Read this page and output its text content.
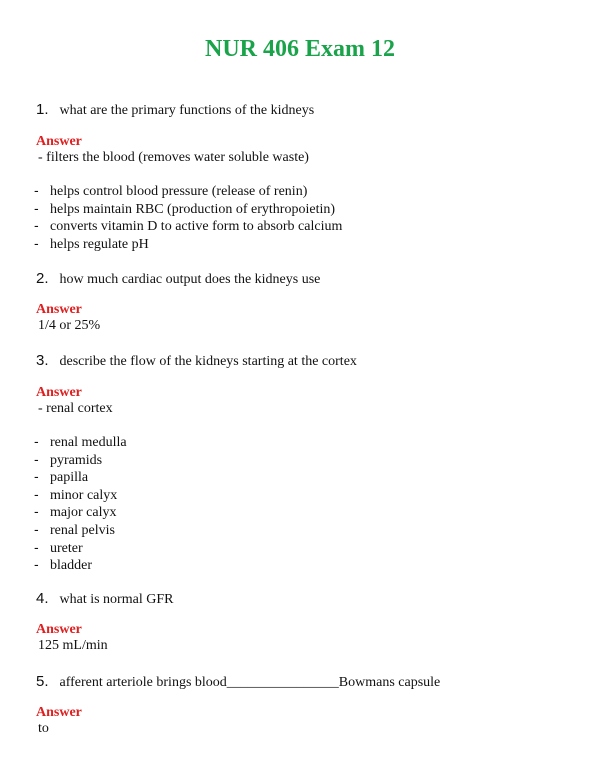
NUR 406 Exam 12
1. what are the primary functions of the kidneys
Answer
- filters the blood (removes water soluble waste)
- helps control blood pressure (release of renin)
- helps maintain RBC (production of erythropoietin)
- converts vitamin D to active form to absorb calcium
- helps regulate pH
2. how much cardiac output does the kidneys use
Answer
1/4 or 25%
3. describe the flow of the kidneys starting at the cortex
Answer
- renal cortex
- renal medulla
- pyramids
- papilla
- minor calyx
- major calyx
- renal pelvis
- ureter
- bladder
4. what is normal GFR
Answer
125 mL/min
5. afferent arteriole brings blood________________Bowmans capsule
Answer
to
